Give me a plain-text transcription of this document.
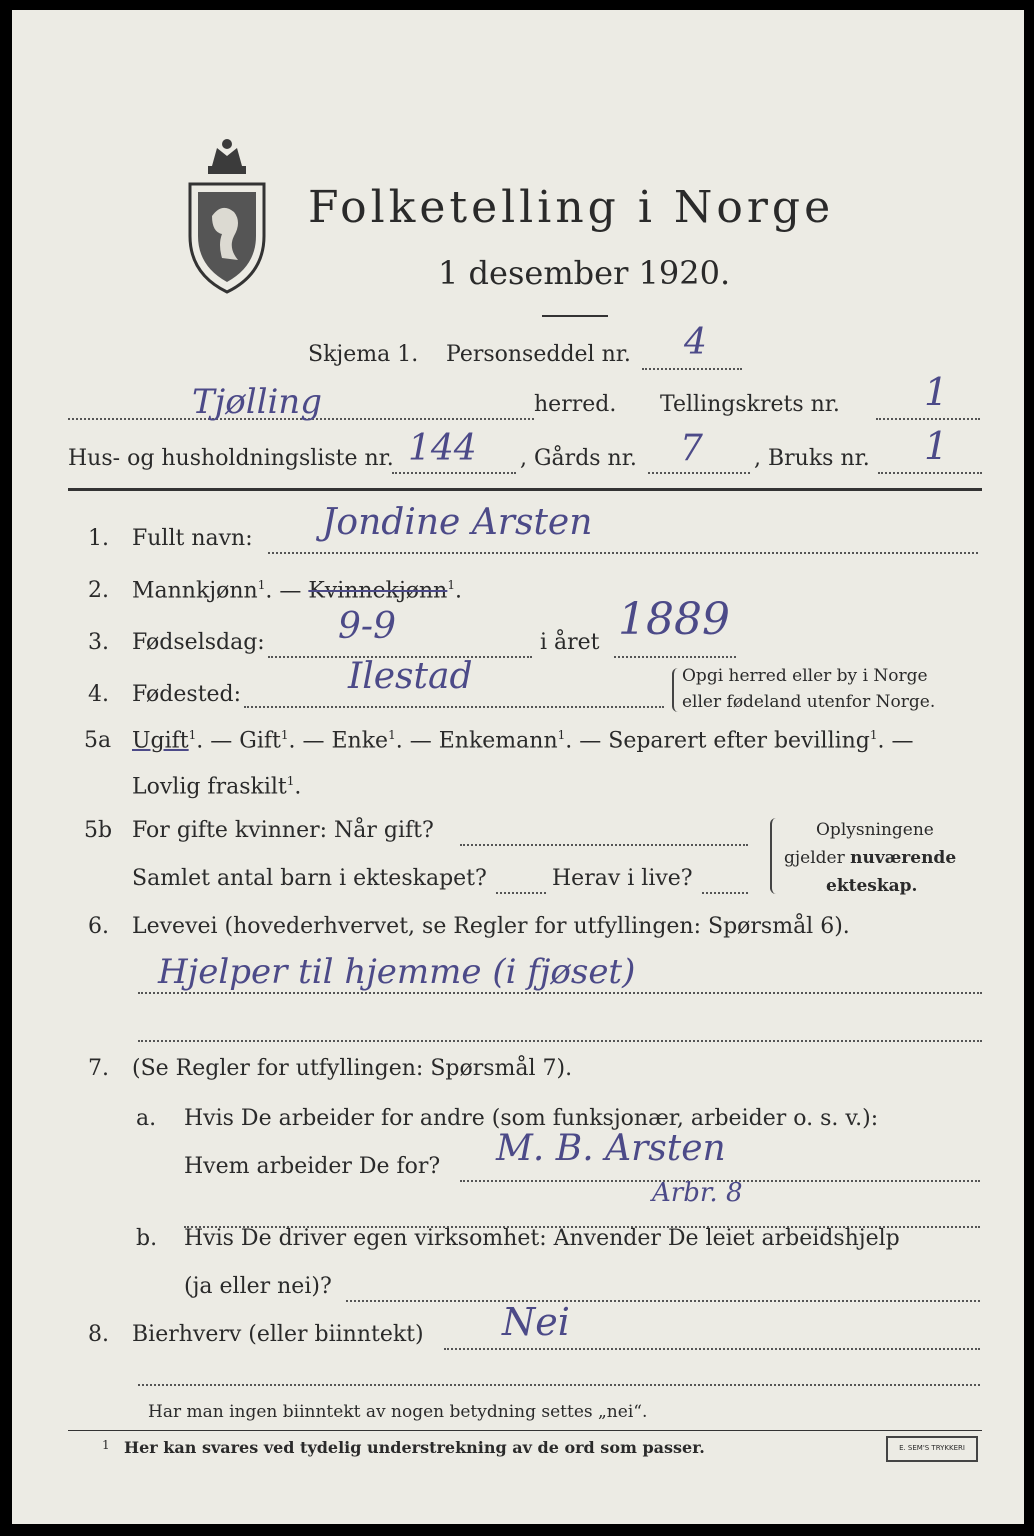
Folketelling i Norge
1 desember 1920.
Skjema 1. Personseddel nr. 4
Tjølling	herred. Tellingskrets nr. 1
Hus- og husholdningsliste nr. 144 , Gårds nr. 7 , Bruks nr. 1
1. Fullt navn: Jondine Arsten
2. Mannkjønn$^1$. — Kvinnekjønn$^1$.
3. Fødselsdag: 9-9	i året 1889
4. Fødested:	Ilestad	Opgi herred eller by i Norge
eller fødeland utenfor Norge.
5a Ugift$^1$. — Gift$^1$. — Enke$^1$. — Enkemann$^1$. — Separert efter bevilling$^1$. —
Lovlig fraskilt$^1$.
5b For gifte kvinner: Når gift?
Samlet antal barn i ekteskapet?	Herav i live?
Oplysningene
gjelder nuværende
ekteskap.
6. Levevei (hovederhvervet, se Regler for utfyllingen: Spørsmål 6).
Hjelper til hjemme (i fjøset)
7. (Se Regler for utfyllingen: Spørsmål 7).
a. Hvis De arbeider for andre (som funksjonær, arbeider o. s. v.):
Hvem arbeider De for? M. B. Arsten
Arbr. 8
b. Hvis De driver egen virksomhet: Anvender De leiet arbeidshjelp
(ja eller nei)?
8. Bierhverv (eller biinntekt) Nei
Har man ingen biinntekt av nogen betydning settes „nei“.
1 Her kan svares ved tydelig understrekning av de ord som passer.	E. SEM'S TRYKKERI
